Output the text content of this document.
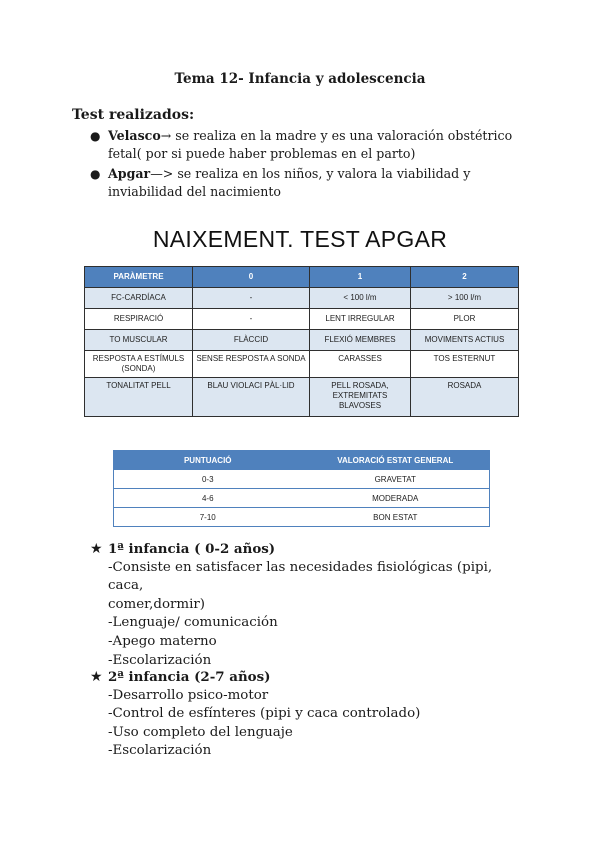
Tema 12- Infancia y adolescencia
Test realizados:
● Velasco→ se realiza en la madre y es una valoración obstétrico fetal( por si puede haber problemas en el parto)
● Apgar—> se realiza en los niños, y valora la viabilidad y inviabilidad del nacimiento
NAIXEMENT. TEST APGAR
PARÀMETRE	0	1	2
FC-CARDÍACA	-	< 100 l/m	> 100 l/m
RESPIRACIÓ	-	LENT IRREGULAR	PLOR
TO MUSCULAR	FLÀCCID	FLEXIÓ MEMBRES	MOVIMENTS ACTIUS
RESPOSTA A ESTÍMULS (SONDA)	SENSE RESPOSTA A SONDA	CARASSES	TOS ESTERNUT
TONALITAT PELL	BLAU VIOLACI PÀL·LID	PELL ROSADA, EXTREMITATS BLAVOSES	ROSADA
PUNTUACIÓ	VALORACIÓ ESTAT GENERAL
0-3	GRAVETAT
4-6	MODERADA
7-10	BON ESTAT
★ 1ª infancia ( 0-2 años)
-Consiste en satisfacer las necesidades fisiológicas (pipi, caca,
comer,dormir)
-Lenguaje/ comunicación
-Apego materno
-Escolarización
★ 2ª infancia (2-7 años)
-Desarrollo psico-motor
-Control de esfínteres (pipi y caca controlado)
-Uso completo del lenguaje
-Escolarización
